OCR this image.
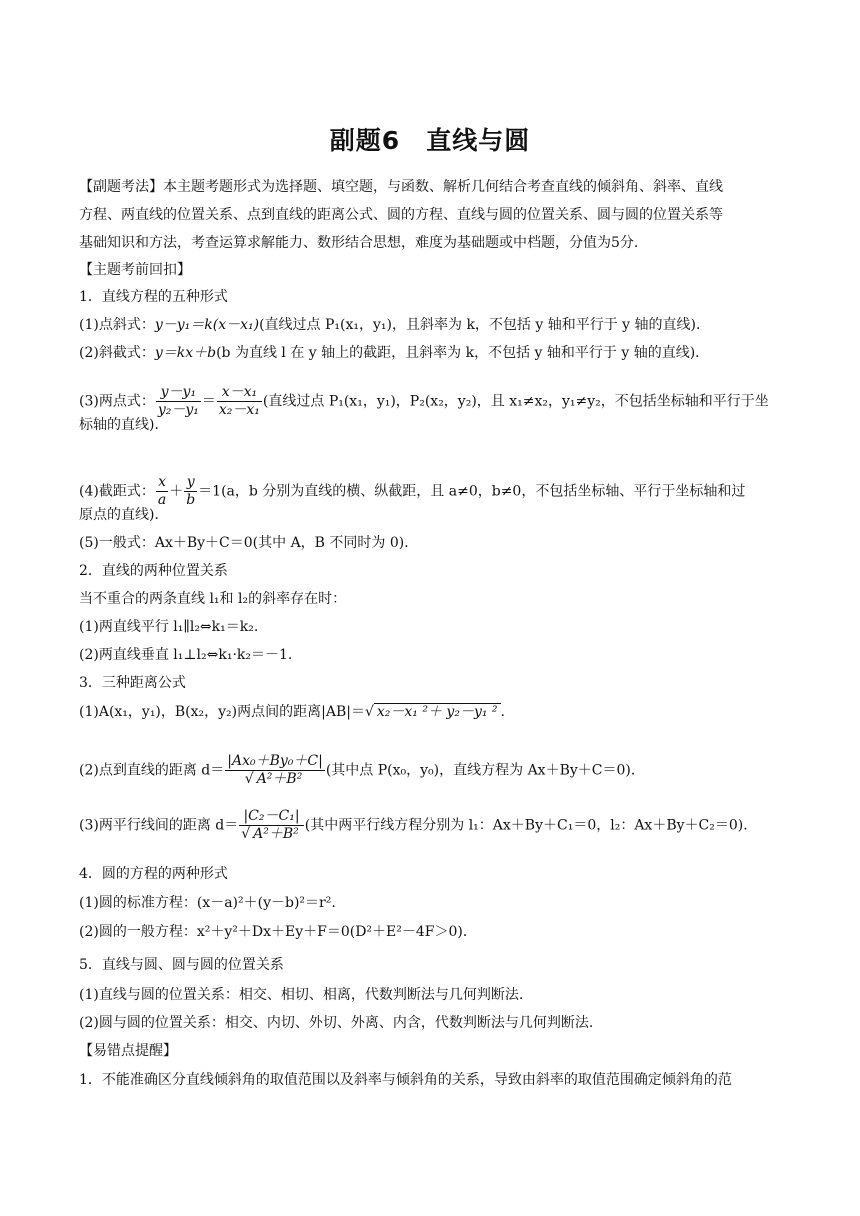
副题6　直线与圆
【副题考法】本主题考题形式为选择题、填空题，与函数、解析几何结合考查直线的倾斜角、斜率、直线
方程、两直线的位置关系、点到直线的距离公式、圆的方程、直线与圆的位置关系、圆与圆的位置关系等
基础知识和方法，考查运算求解能力、数形结合思想，难度为基础题或中档题，分值为5分.
【主题考前回扣】
1．直线方程的五种形式
(1)点斜式：y－y₁＝k(x－x₁)(直线过点 P₁(x₁，y₁)，且斜率为 k，不包括 y 轴和平行于 y 轴的直线)．
(2)斜截式：y＝kx＋b(b 为直线 l 在 y 轴上的截距，且斜率为 k，不包括 y 轴和平行于 y 轴的直线)．
(3)两点式： $\frac{\text{y－y₁}}{\text{y₂－y₁}} = \frac{\text{x－x₁}}{\text{x₂－x₁}}$ (直线过点 P₁(x₁，y₁)，P₂(x₂，y₂)，且 x₁≠x₂，y₁≠y₂，不包括坐标轴和平行于坐
标轴的直线)．
(4)截距式： $\frac{x}{a} + \frac{y}{b} =1(a$，b 分别为直线的横、纵截距，且 a≠0，b≠0，不包括坐标轴、平行于坐标轴和过
原点的直线)．
(5)一般式：Ax＋By＋C＝0(其中 A，B 不同时为 0)．
2．直线的两种位置关系
当不重合的两条直线 l₁和 l₂的斜率存在时：
(1)两直线平行 l₁∥l₂⇔k₁＝k₂.
(2)两直线垂直 l₁⊥l₂⇔k₁·k₂＝－1.
3．三种距离公式
(1)A(x₁，y₁)，B(x₂，y₂)两点间的距离|AB|＝√ x₂－x₁ ²＋ y₂－y₁ ² .
(2)点到直线的距离 $d= \frac{\text{|Ax₀＋By₀＋C|}}{\text{√ A²＋B²}}$ (其中点 P(x₀，y₀)，直线方程为 Ax＋By＋C＝0)．
(3)两平行线间的距离 $d= \frac{\text{|C₂－C₁|}}{\text{√ A²＋B²}}$ (其中两平行线方程分别为 l₁：Ax＋By＋C₁＝0，l₂：Ax＋By＋C₂＝0)．
4．圆的方程的两种形式
(1)圆的标准方程：(x－a)²＋(y－b)²＝r².
(2)圆的一般方程：x²＋y²＋Dx＋Ey＋F＝0(D²＋E²－4F＞0)．
5．直线与圆、圆与圆的位置关系
(1)直线与圆的位置关系：相交、相切、相离，代数判断法与几何判断法.
(2)圆与圆的位置关系：相交、内切、外切、外离、内含，代数判断法与几何判断法.
【易错点提醒】
1．不能准确区分直线倾斜角的取值范围以及斜率与倾斜角的关系，导致由斜率的取值范围确定倾斜角的范
